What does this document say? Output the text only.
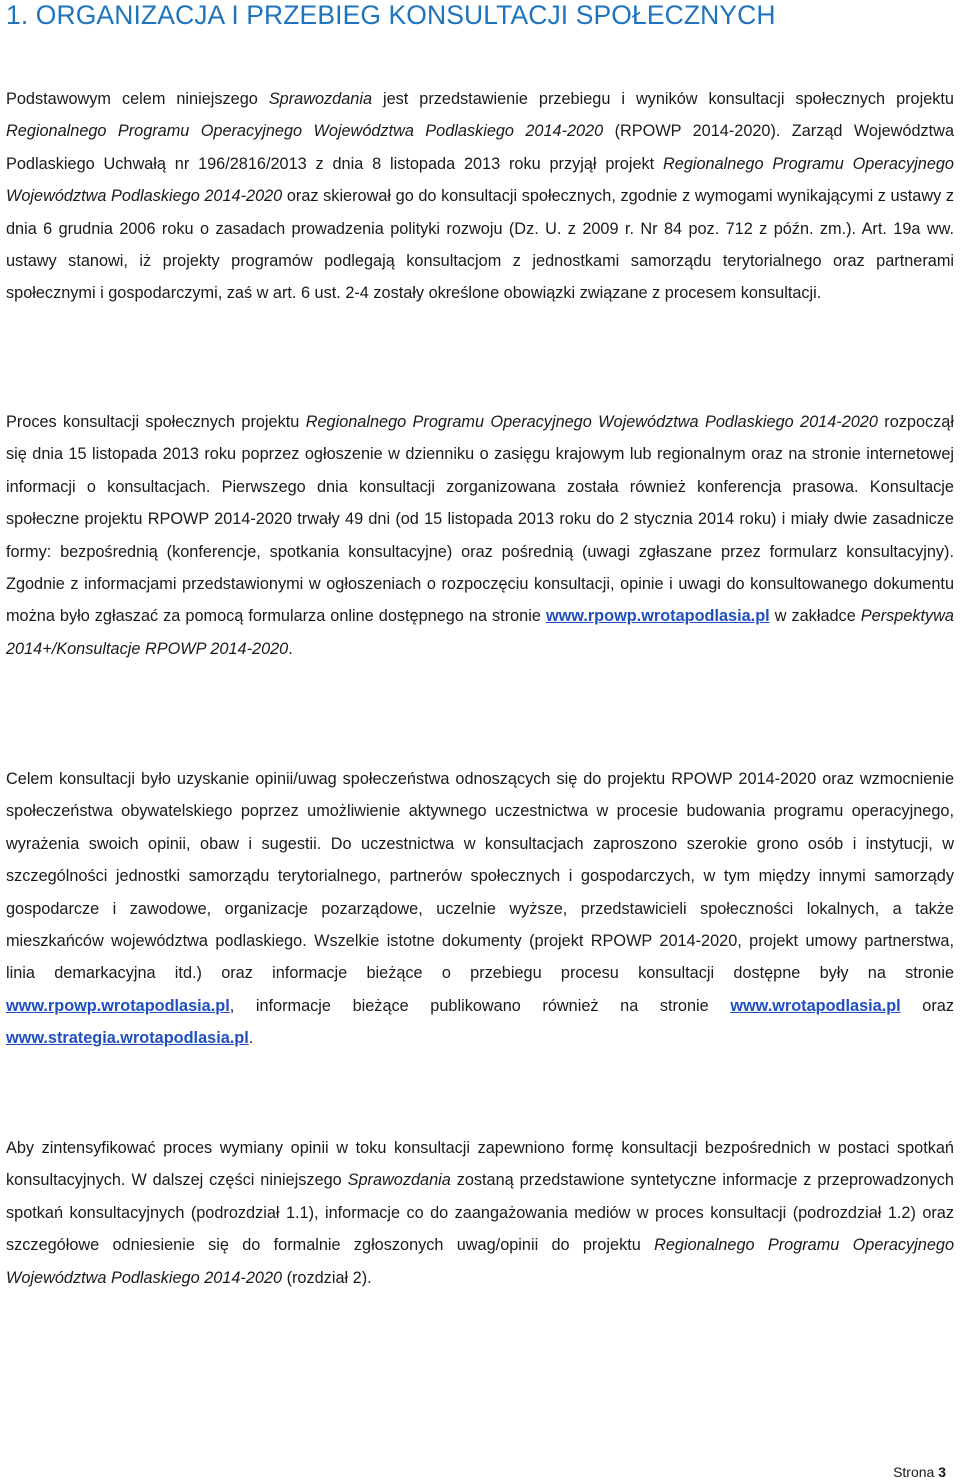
1. ORGANIZACJA I PRZEBIEG KONSULTACJI SPOŁECZNYCH

Podstawowym celem niniejszego Sprawozdania jest przedstawienie przebiegu i wyników konsultacji społecznych projektu Regionalnego Programu Operacyjnego Województwa Podlaskiego 2014-2020 (RPOWP 2014-2020). Zarząd Województwa Podlaskiego Uchwałą nr 196/2816/2013 z dnia 8 listopada 2013 roku przyjął projekt Regionalnego Programu Operacyjnego Województwa Podlaskiego 2014-2020 oraz skierował go do konsultacji społecznych, zgodnie z wymogami wynikającymi z ustawy z dnia 6 grudnia 2006 roku o zasadach prowadzenia polityki rozwoju (Dz. U. z 2009 r. Nr 84 poz. 712 z późn. zm.). Art. 19a ww. ustawy stanowi, iż projekty programów podlegają konsultacjom z jednostkami samorządu terytorialnego oraz partnerami społecznymi i gospodarczymi, zaś w art. 6 ust. 2-4 zostały określone obowiązki związane z procesem konsultacji.

Proces konsultacji społecznych projektu Regionalnego Programu Operacyjnego Województwa Podlaskiego 2014-2020 rozpoczął się dnia 15 listopada 2013 roku poprzez ogłoszenie w dzienniku o zasięgu krajowym lub regionalnym oraz na stronie internetowej informacji o konsultacjach. Pierwszego dnia konsultacji zorganizowana została również konferencja prasowa. Konsultacje społeczne projektu RPOWP 2014-2020 trwały 49 dni (od 15 listopada 2013 roku do 2 stycznia 2014 roku) i miały dwie zasadnicze formy: bezpośrednią (konferencje, spotkania konsultacyjne) oraz pośrednią (uwagi zgłaszane przez formularz konsultacyjny). Zgodnie z informacjami przedstawionymi w ogłoszeniach o rozpoczęciu konsultacji, opinie i uwagi do konsultowanego dokumentu można było zgłaszać za pomocą formularza online dostępnego na stronie www.rpowp.wrotapodlasia.pl w zakładce Perspektywa 2014+/Konsultacje RPOWP 2014-2020.

Celem konsultacji było uzyskanie opinii/uwag społeczeństwa odnoszących się do projektu RPOWP 2014-2020 oraz wzmocnienie społeczeństwa obywatelskiego poprzez umożliwienie aktywnego uczestnictwa w procesie budowania programu operacyjnego, wyrażenia swoich opinii, obaw i sugestii. Do uczestnictwa w konsultacjach zaproszono szerokie grono osób i instytucji, w szczególności jednostki samorządu terytorialnego, partnerów społecznych i gospodarczych, w tym między innymi samorządy gospodarcze i zawodowe, organizacje pozarządowe, uczelnie wyższe, przedstawicieli społeczności lokalnych, a także mieszkańców województwa podlaskiego. Wszelkie istotne dokumenty (projekt RPOWP 2014-2020, projekt umowy partnerstwa, linia demarkacyjna itd.) oraz informacje bieżące o przebiegu procesu konsultacji dostępne były na stronie www.rpowp.wrotapodlasia.pl, informacje bieżące publikowano również na stronie www.wrotapodlasia.pl oraz www.strategia.wrotapodlasia.pl.

Aby zintensyfikować proces wymiany opinii w toku konsultacji zapewniono formę konsultacji bezpośrednich w postaci spotkań konsultacyjnych. W dalszej części niniejszego Sprawozdania zostaną przedstawione syntetyczne informacje z przeprowadzonych spotkań konsultacyjnych (podrozdział 1.1), informacje co do zaangażowania mediów w proces konsultacji (podrozdział 1.2) oraz szczegółowe odniesienie się do formalnie zgłoszonych uwag/opinii do projektu Regionalnego Programu Operacyjnego Województwa Podlaskiego 2014-2020 (rozdział 2).

Strona 3
